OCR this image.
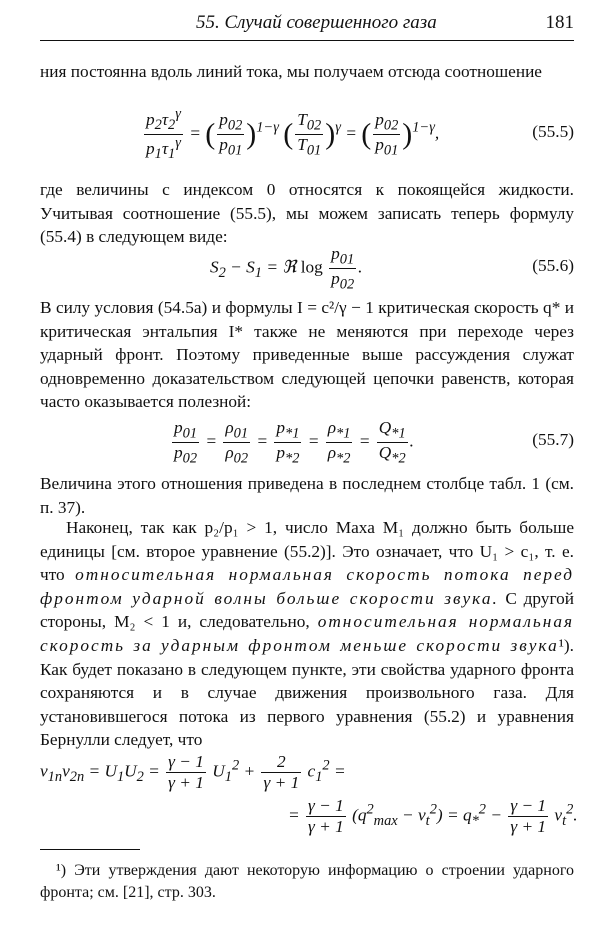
55. Случай совершенного газа	181
ния постоянна вдоль линий тока, мы получаем отсюда соотношение
$\frac{p_2\tau_2^\gamma}{p_1\tau_1^\gamma}$ = ( $\frac{p_{02}}{p_{01}} )^{1-\gamma}$ ( $\frac{T_{02}}{T_{01}} )^\gamma$ = ( $\frac{p_{02}}{p_{01}} )^{1-\gamma}$,	(55.5)
где величины с индексом 0 относятся к покоящейся жидкости. Учитывая соотношение (55.5), мы можем записать теперь формулу (55.4) в следующем виде:
$S_2 - S_1$ = ℜ $\log \frac{p_{01}}{p_{02}}$ .	(55.6)
В силу условия (54.5а) и формулы I = c²/γ − 1 критическая скорость q* и критическая энтальпия I* также не меняются при переходе через ударный фронт. Поэтому приведенные выше рассуждения служат одновременно доказательством следующей цепочки равенств, которая часто оказывается полезной:
$\frac{p_{01}}{p_{02}} = \frac{\rho_{01}}{\rho_{02}} = \frac{p_{*1}}{p_{*2}} = \frac{\rho_{*1}}{\rho_{*2}} = \frac{Q_{*1}}{Q_{*2}}$ .	(55.7)
Величина этого отношения приведена в последнем столбце табл. 1 (см. п. 37).
Наконец, так как p₂/p₁ > 1, число Маха M₁ должно быть больше единицы [см. второе уравнение (55.2)]. Это означает, что U₁ > c₁, т. е. что относительная нормальная скорость потока перед фронтом ударной волны больше скорости звука. С другой стороны, M₂ < 1 и, следовательно, относительная нормальная скорость за ударным фронтом меньше скорости звука¹). Как будет показано в следующем пункте, эти свойства ударного фронта сохраняются и в случае движения произвольного газа. Для установившегося потока из первого уравнения (55.2) и уравнения Бернулли следует, что
$v_{1n}v_{2n} = U_1U_2 = \frac{\gamma - 1}{\gamma + 1} U_1^2 + \frac{2}{\gamma + 1} c_1^2$ =
= $\frac{\gamma - 1}{\gamma + 1} (q^2_{max} - v_t^2) = q_*^2 - \frac{\gamma - 1}{\gamma + 1} v_t^2$.
¹) Эти утверждения дают некоторую информацию о строении ударного фронта; см. [21], стр. 303.
